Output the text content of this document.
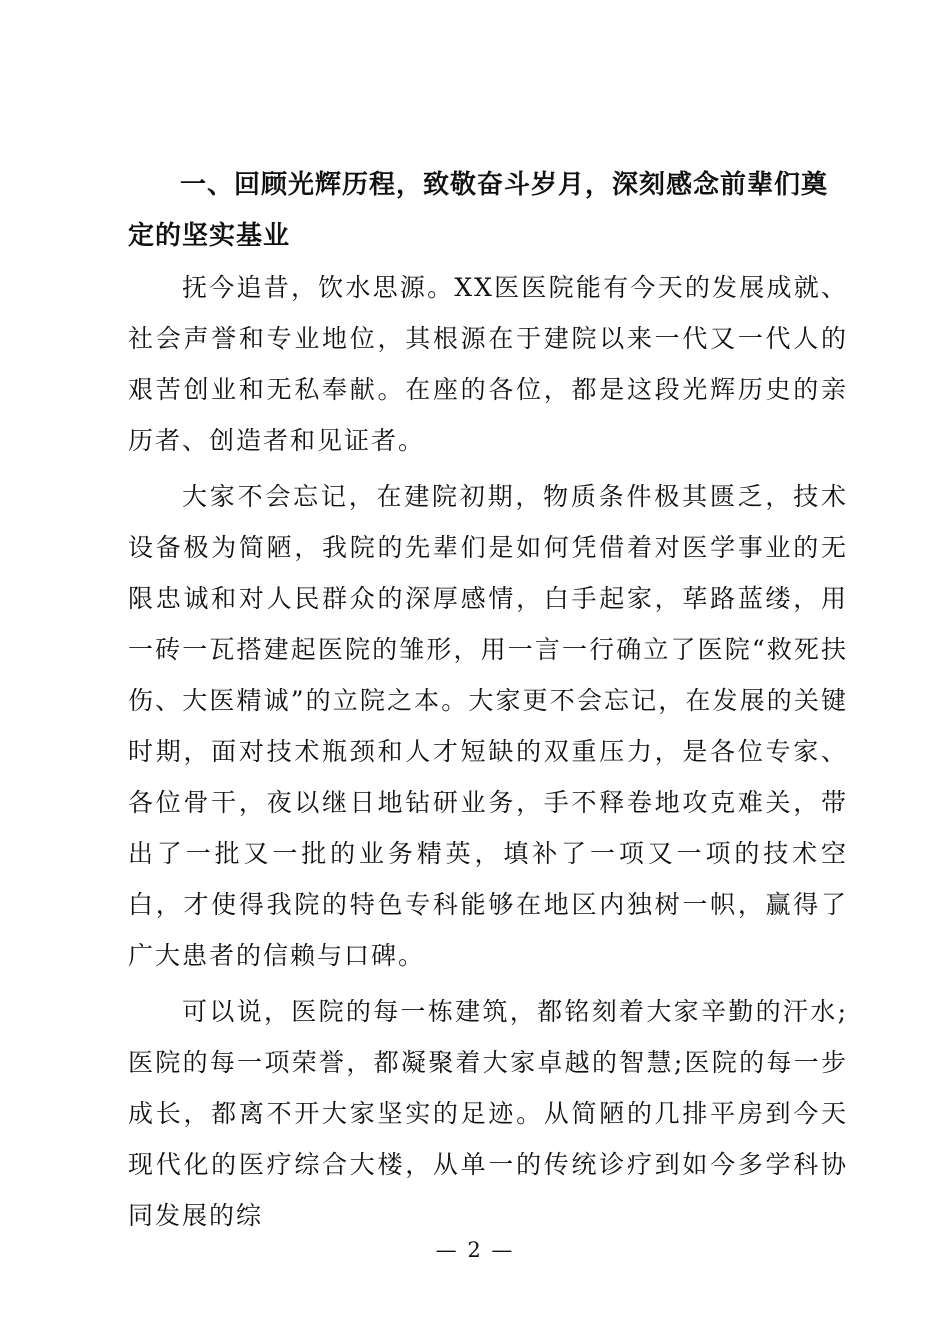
一、回顾光辉历程，致敬奋斗岁月，深刻感念前辈们奠定的坚实基业

抚今追昔，饮水思源。XX医医院能有今天的发展成就、社会声誉和专业地位，其根源在于建院以来一代又一代人的艰苦创业和无私奉献。在座的各位，都是这段光辉历史的亲历者、创造者和见证者。

大家不会忘记，在建院初期，物质条件极其匮乏，技术设备极为简陋，我院的先辈们是如何凭借着对医学事业的无限忠诚和对人民群众的深厚感情，白手起家，荜路蓝缕，用一砖一瓦搭建起医院的雏形，用一言一行确立了医院“救死扶伤、大医精诚”的立院之本。大家更不会忘记，在发展的关键时期，面对技术瓶颈和人才短缺的双重压力，是各位专家、各位骨干，夜以继日地钻研业务，手不释卷地攻克难关，带出了一批又一批的业务精英，填补了一项又一项的技术空白，才使得我院的特色专科能够在地区内独树一帜，赢得了广大患者的信赖与口碑。

可以说，医院的每一栋建筑，都铭刻着大家辛勤的汗水;医院的每一项荣誉，都凝聚着大家卓越的智慧;医院的每一步成长，都离不开大家坚实的足迹。从简陋的几排平房到今天现代化的医疗综合大楼，从单一的传统诊疗到如今多学科协同发展的综

— 2 —
